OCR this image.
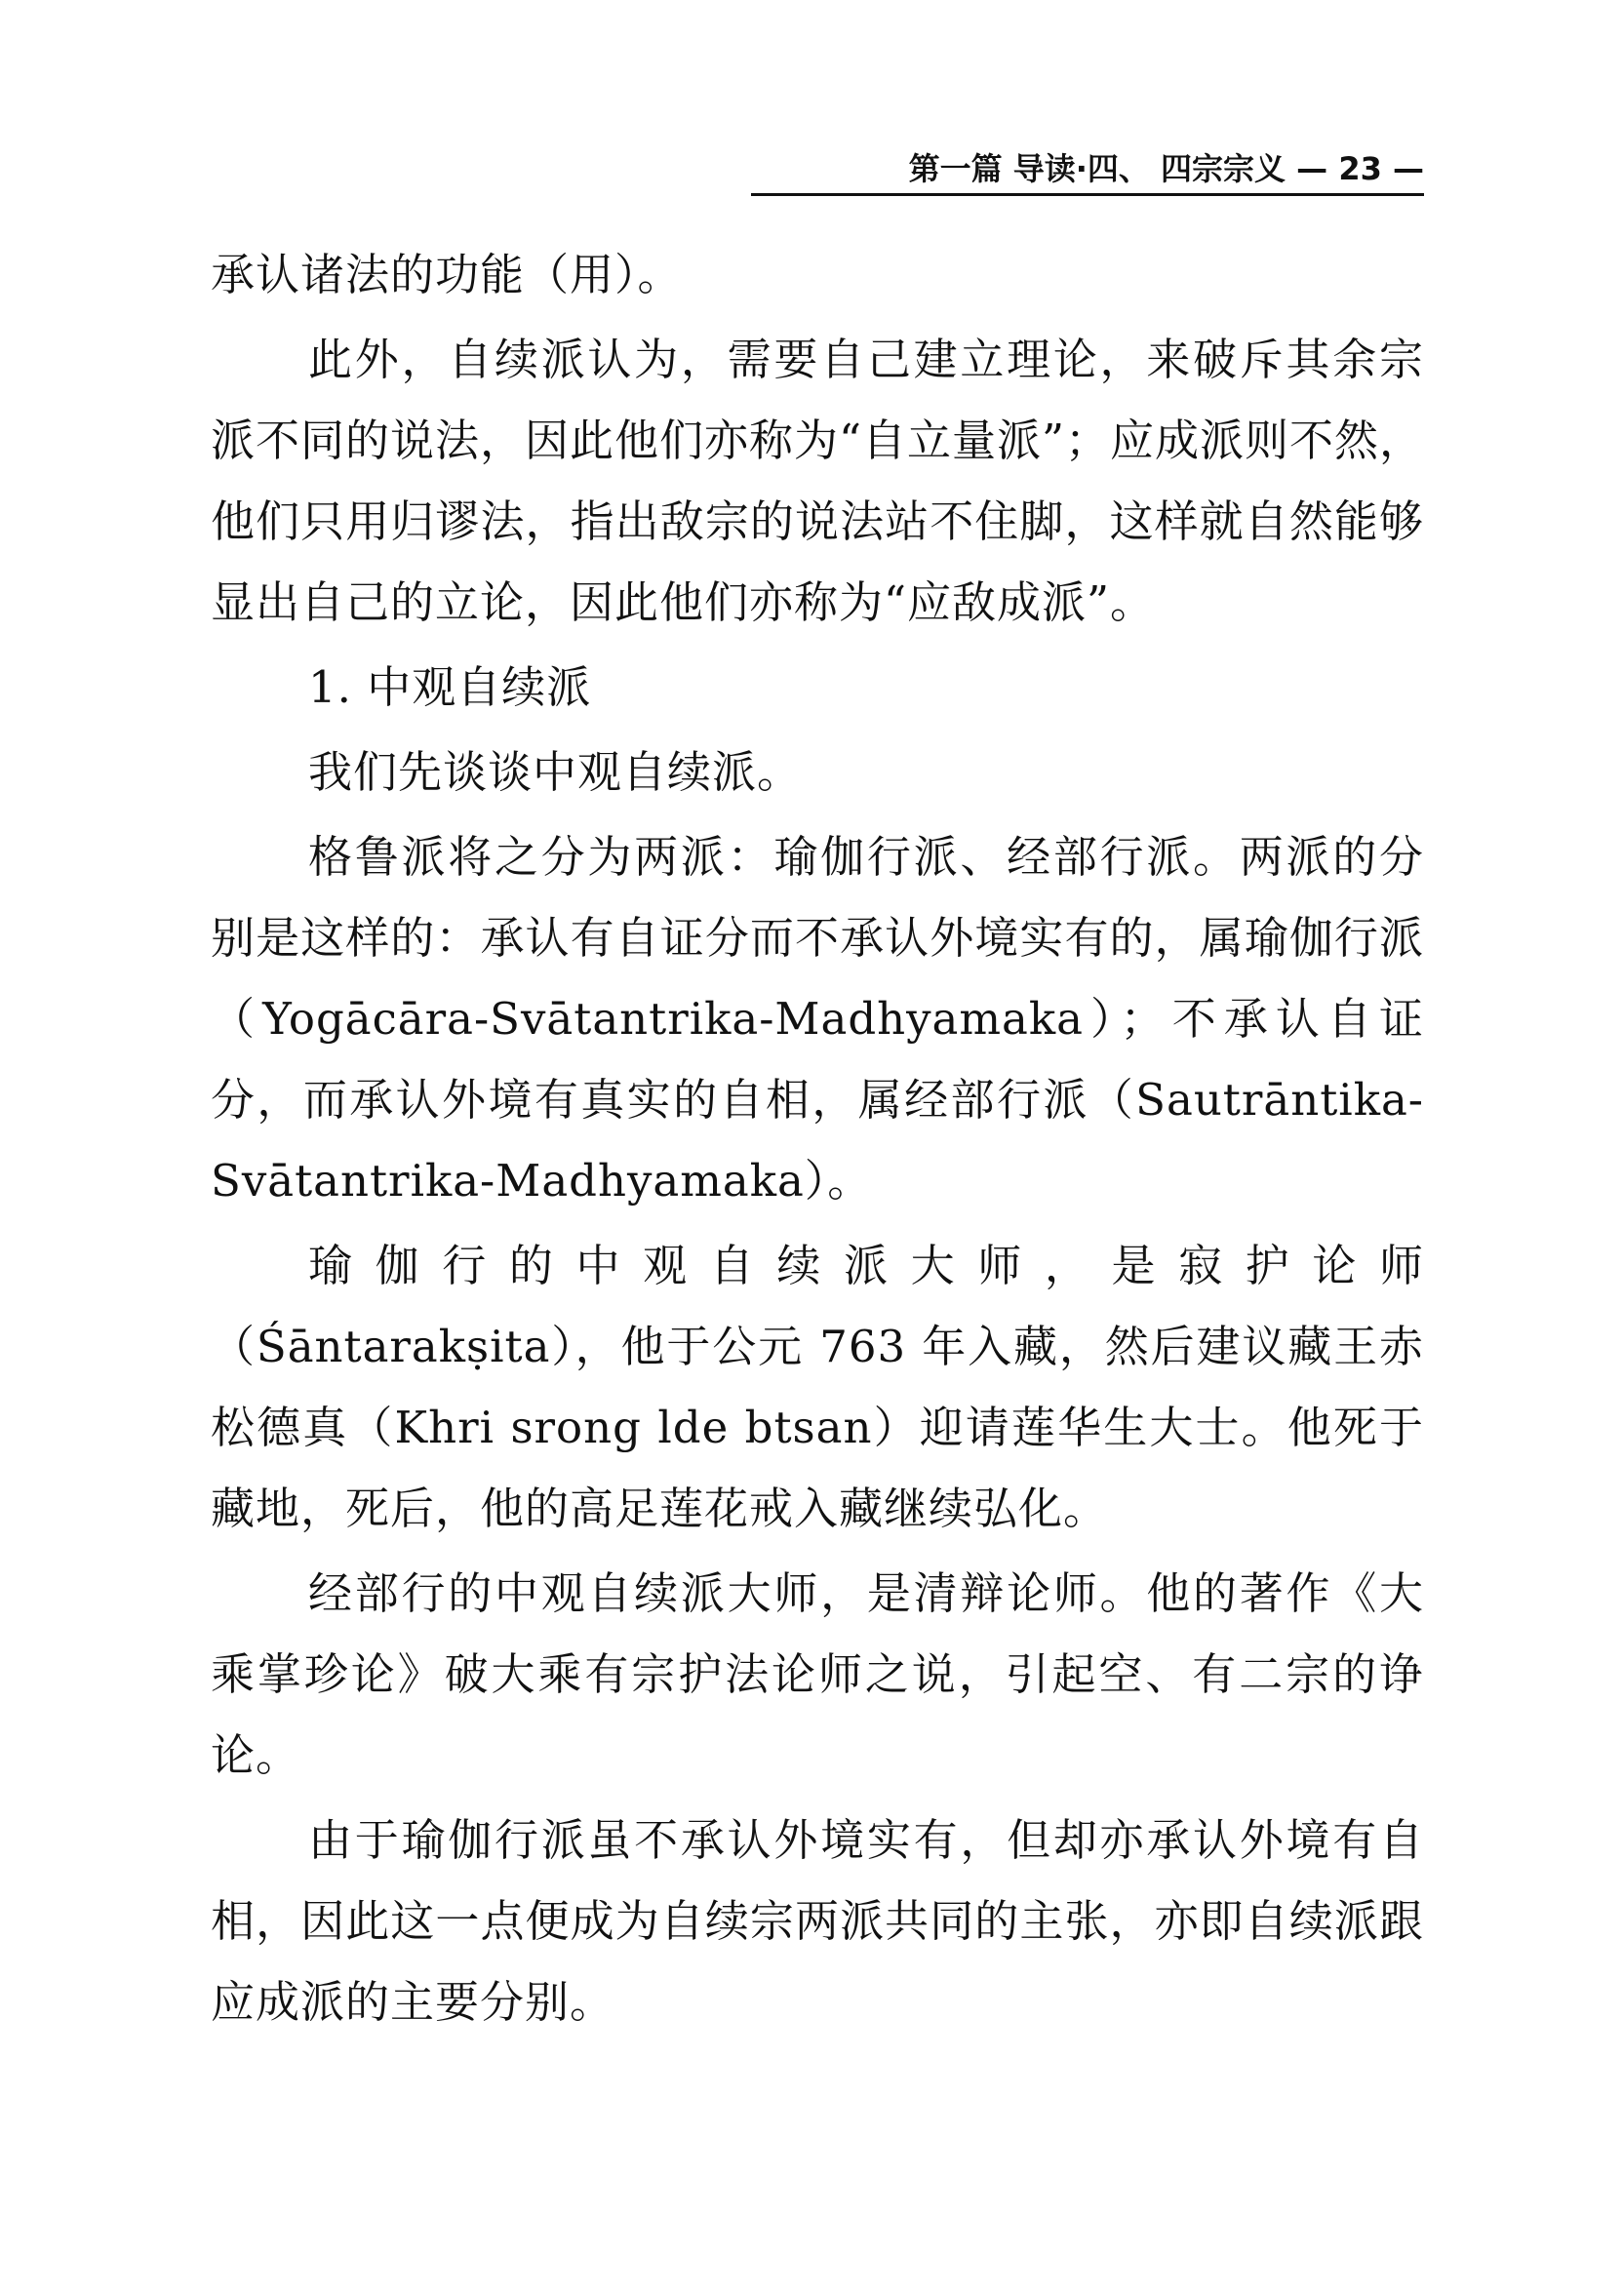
第一篇 导读·四、 四宗宗义 — 23 —

承认诸法的功能（用）。

此外，自续派认为，需要自己建立理论，来破斥其余宗派不同的说法，因此他们亦称为“自立量派”；应成派则不然，他们只用归谬法，指出敌宗的说法站不住脚，这样就自然能够显出自己的立论，因此他们亦称为“应敌成派”。

1. 中观自续派

我们先谈谈中观自续派。

格鲁派将之分为两派：瑜伽行派、经部行派。两派的分别是这样的：承认有自证分而不承认外境实有的，属瑜伽行派（Yogācāra-Svātantrika-Madhyamaka）；不承认自证分，而承认外境有真实的自相，属经部行派（Sautrāntika-Svātantrika-Madhyamaka）。

瑜伽行的中观自续派大师，是寂护论师（Śāntarakṣita），他于公元 763 年入藏，然后建议藏王赤松德真（Khri srong lde btsan）迎请莲华生大士。他死于藏地，死后，他的高足莲花戒入藏继续弘化。

经部行的中观自续派大师，是清辩论师。他的著作《大乘掌珍论》破大乘有宗护法论师之说，引起空、有二宗的诤论。

由于瑜伽行派虽不承认外境实有，但却亦承认外境有自相，因此这一点便成为自续宗两派共同的主张，亦即自续派跟应成派的主要分别。
